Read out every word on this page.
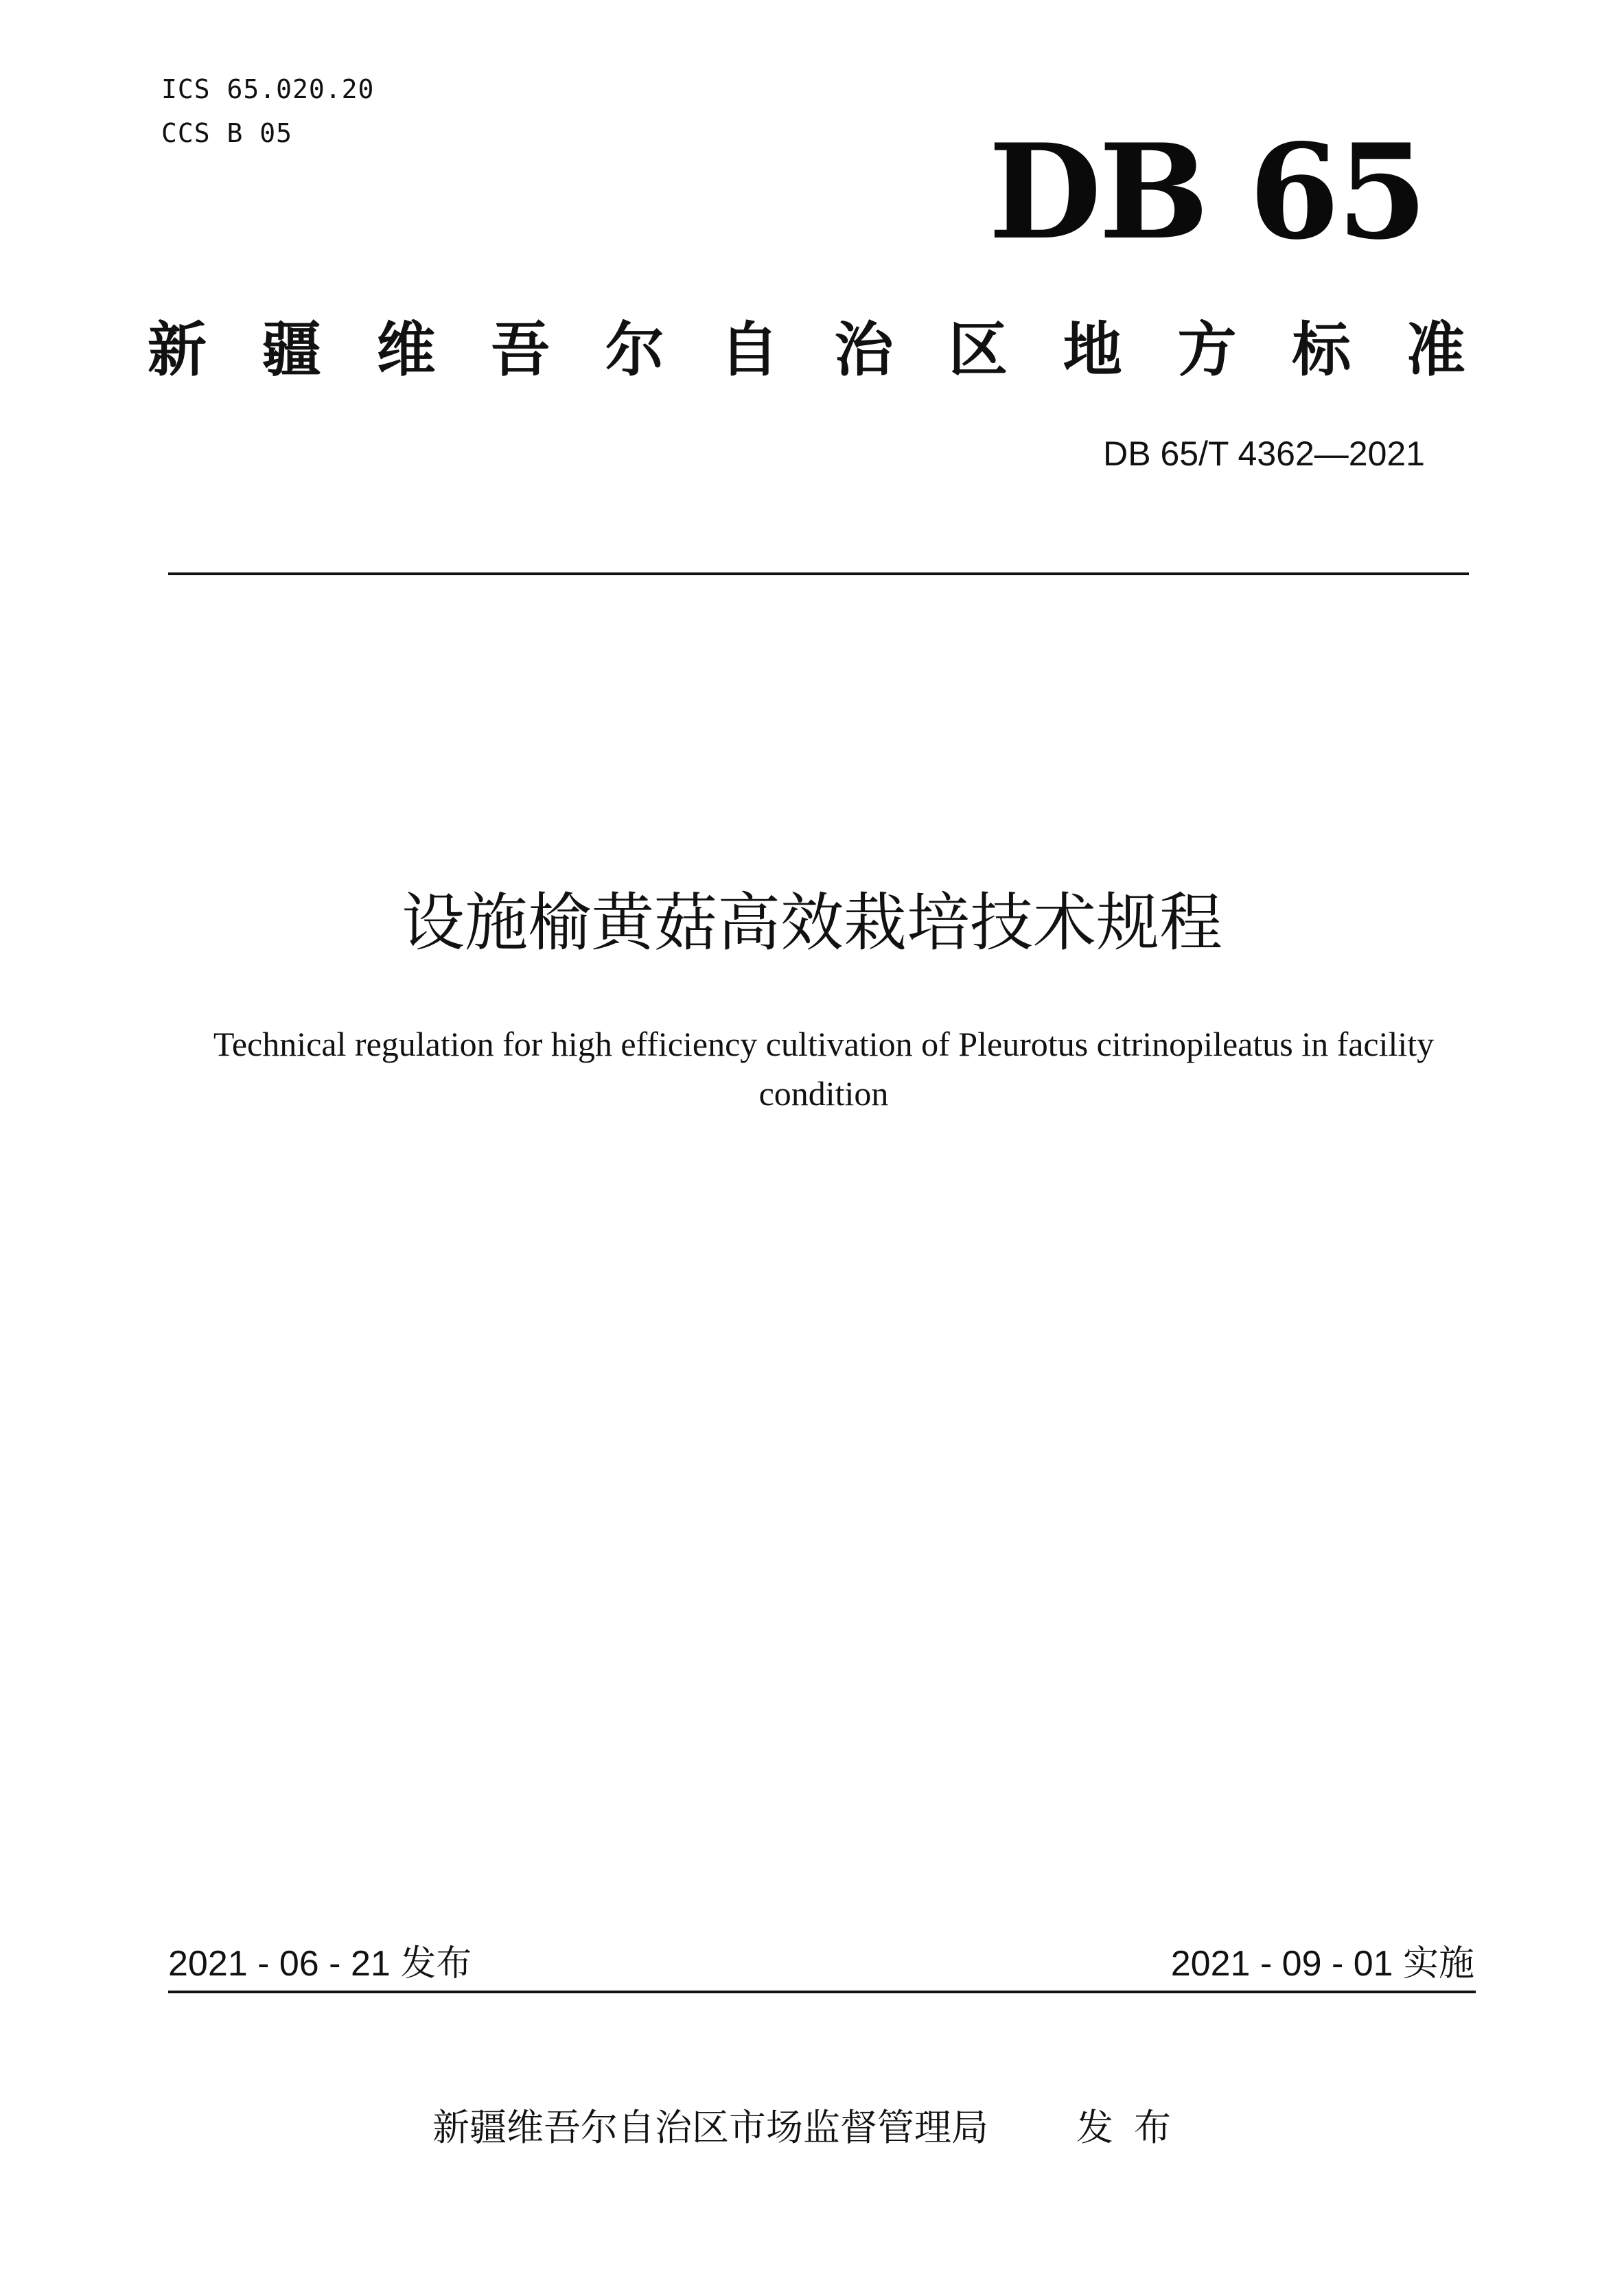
ICS 65.020.20
CCS B 05	DB 65
新 疆 维 吾 尔 自 治 区 地 方 标 准
DB 65/T 4362—2021
设施榆黄菇高效栽培技术规程
Technical regulation for high efficiency cultivation of Pleurotus citrinopileatus in facility condition
2021 - 06 - 21 发布	2021 - 09 - 01 实施
新疆维吾尔自治区市场监督管理局 发布
